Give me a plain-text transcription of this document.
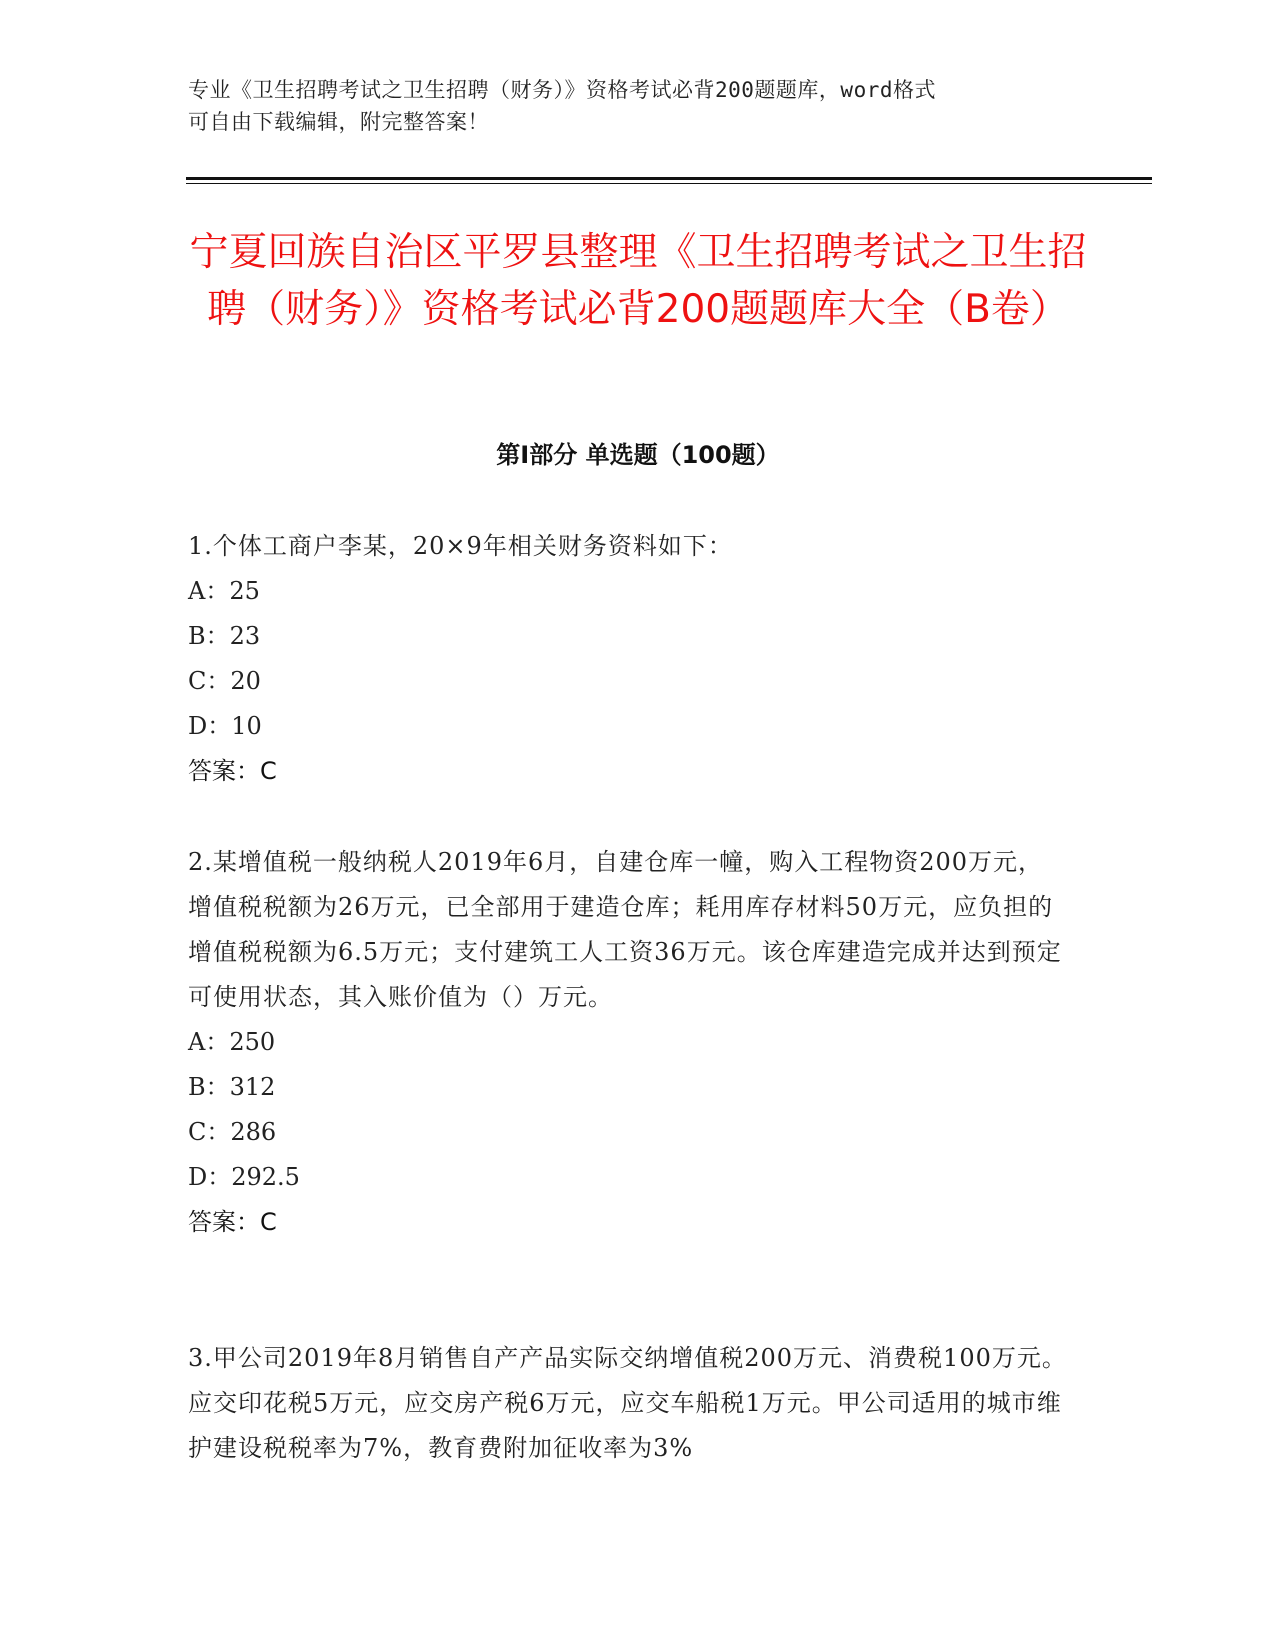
专业《卫生招聘考试之卫生招聘（财务）》资格考试必背200题题库，word格式
可自由下载编辑，附完整答案！
宁夏回族自治区平罗县整理《卫生招聘考试之卫生招聘（财务）》资格考试必背200题题库大全（B卷）
第Ⅰ部分 单选题（100题）
1.个体工商户李某，20×9年相关财务资料如下：
A：25
B：23
C：20
D：10
答案：C
2.某增值税一般纳税人2019年6月，自建仓库一幢，购入工程物资200万元，增值税税额为26万元，已全部用于建造仓库；耗用库存材料50万元，应负担的增值税税额为6.5万元；支付建筑工人工资36万元。该仓库建造完成并达到预定可使用状态，其入账价值为（）万元。
A：250
B：312
C：286
D：292.5
答案：C
3.甲公司2019年8月销售自产产品实际交纳增值税200万元、消费税100万元。应交印花税5万元，应交房产税6万元，应交车船税1万元。甲公司适用的城市维护建设税税率为7%，教育费附加征收率为3%
